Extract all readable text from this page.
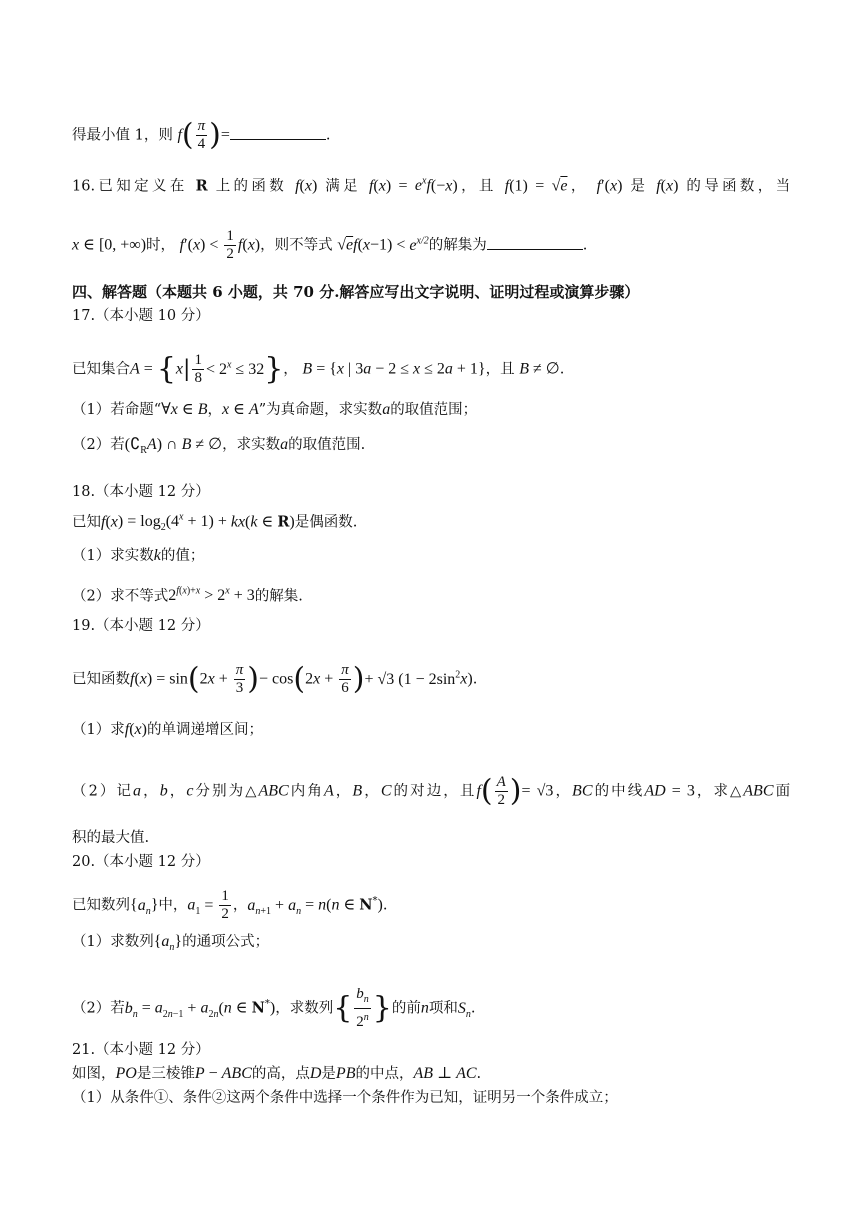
得最小值 1，则 $f( \frac{\pi}{4}$ )=	.
16.已知定义在 R 上的函数 f(x) 满足 $f(x) = e^xf(-x)$，且 f(1) = √e， f′(x) 是 f(x) 的导函数，当
x ∈ [0, +∞)时， $f'(x) < \frac{1}{2} f(x)$，则不等式 $√ef(x-1) < e^{x/2}$的解集为	.
四、解答题（本题共 6 小题，共 70 分.解答应写出文字说明、证明过程或演算步骤）
17.（本小题 10 分）
已知集合$A = \{x| \frac{1}{8} < 2^x \le 32\}$， B = {x | 3a − 2 ≤ x ≤ 2a + 1}，且 B ≠ ∅.
（1）若命题“∀x ∈ B，x ∈ A”为真命题，求实数a的取值范围；
（2）若$(∁_RA)$ ∩ B ≠ ∅，求实数a的取值范围.
18.（本小题 12 分）
已知$f(x) = \log_2(4^x + 1) + kx(k$ ∈ R)是偶函数.
（1）求实数k的值；
（2）求不等式$2^{f(x)+x} > 2^x + 3$的解集.
19.（本小题 12 分）
已知函数$f(x) = \sin(2x + \frac{\pi}{3}$ )− $\cos(2x + \frac{\pi}{6}$ )+ √3 $(1 - 2\sin^2x)$.
（1）求f(x)的单调递增区间；
（2）记a，b，c分别为△ABC内角A，B，C的对边，且$f( \frac{A}{2}$ )= √3，BC的中线AD = 3，求△ABC面
积的最大值.
20.（本小题 12 分）
已知数列$\{a_n\}$中，$a_1 = \frac{1}{2}$ ，$a_{n+1} + a_n = n(n$ ∈ N*).
（1）求数列$\{a_n\}$的通项公式；
（2）若$b_n = a_{2n-1} + a_{2n}(n$ ∈ N*)，求数列{ $\frac{b_n}{2^n}$ }的前n项和$S_n$.
21.（本小题 12 分）
如图，PO是三棱锥P − ABC的高，点D是PB的中点，AB ⊥ AC.
（1）从条件①、条件②这两个条件中选择一个条件作为已知，证明另一个条件成立；
